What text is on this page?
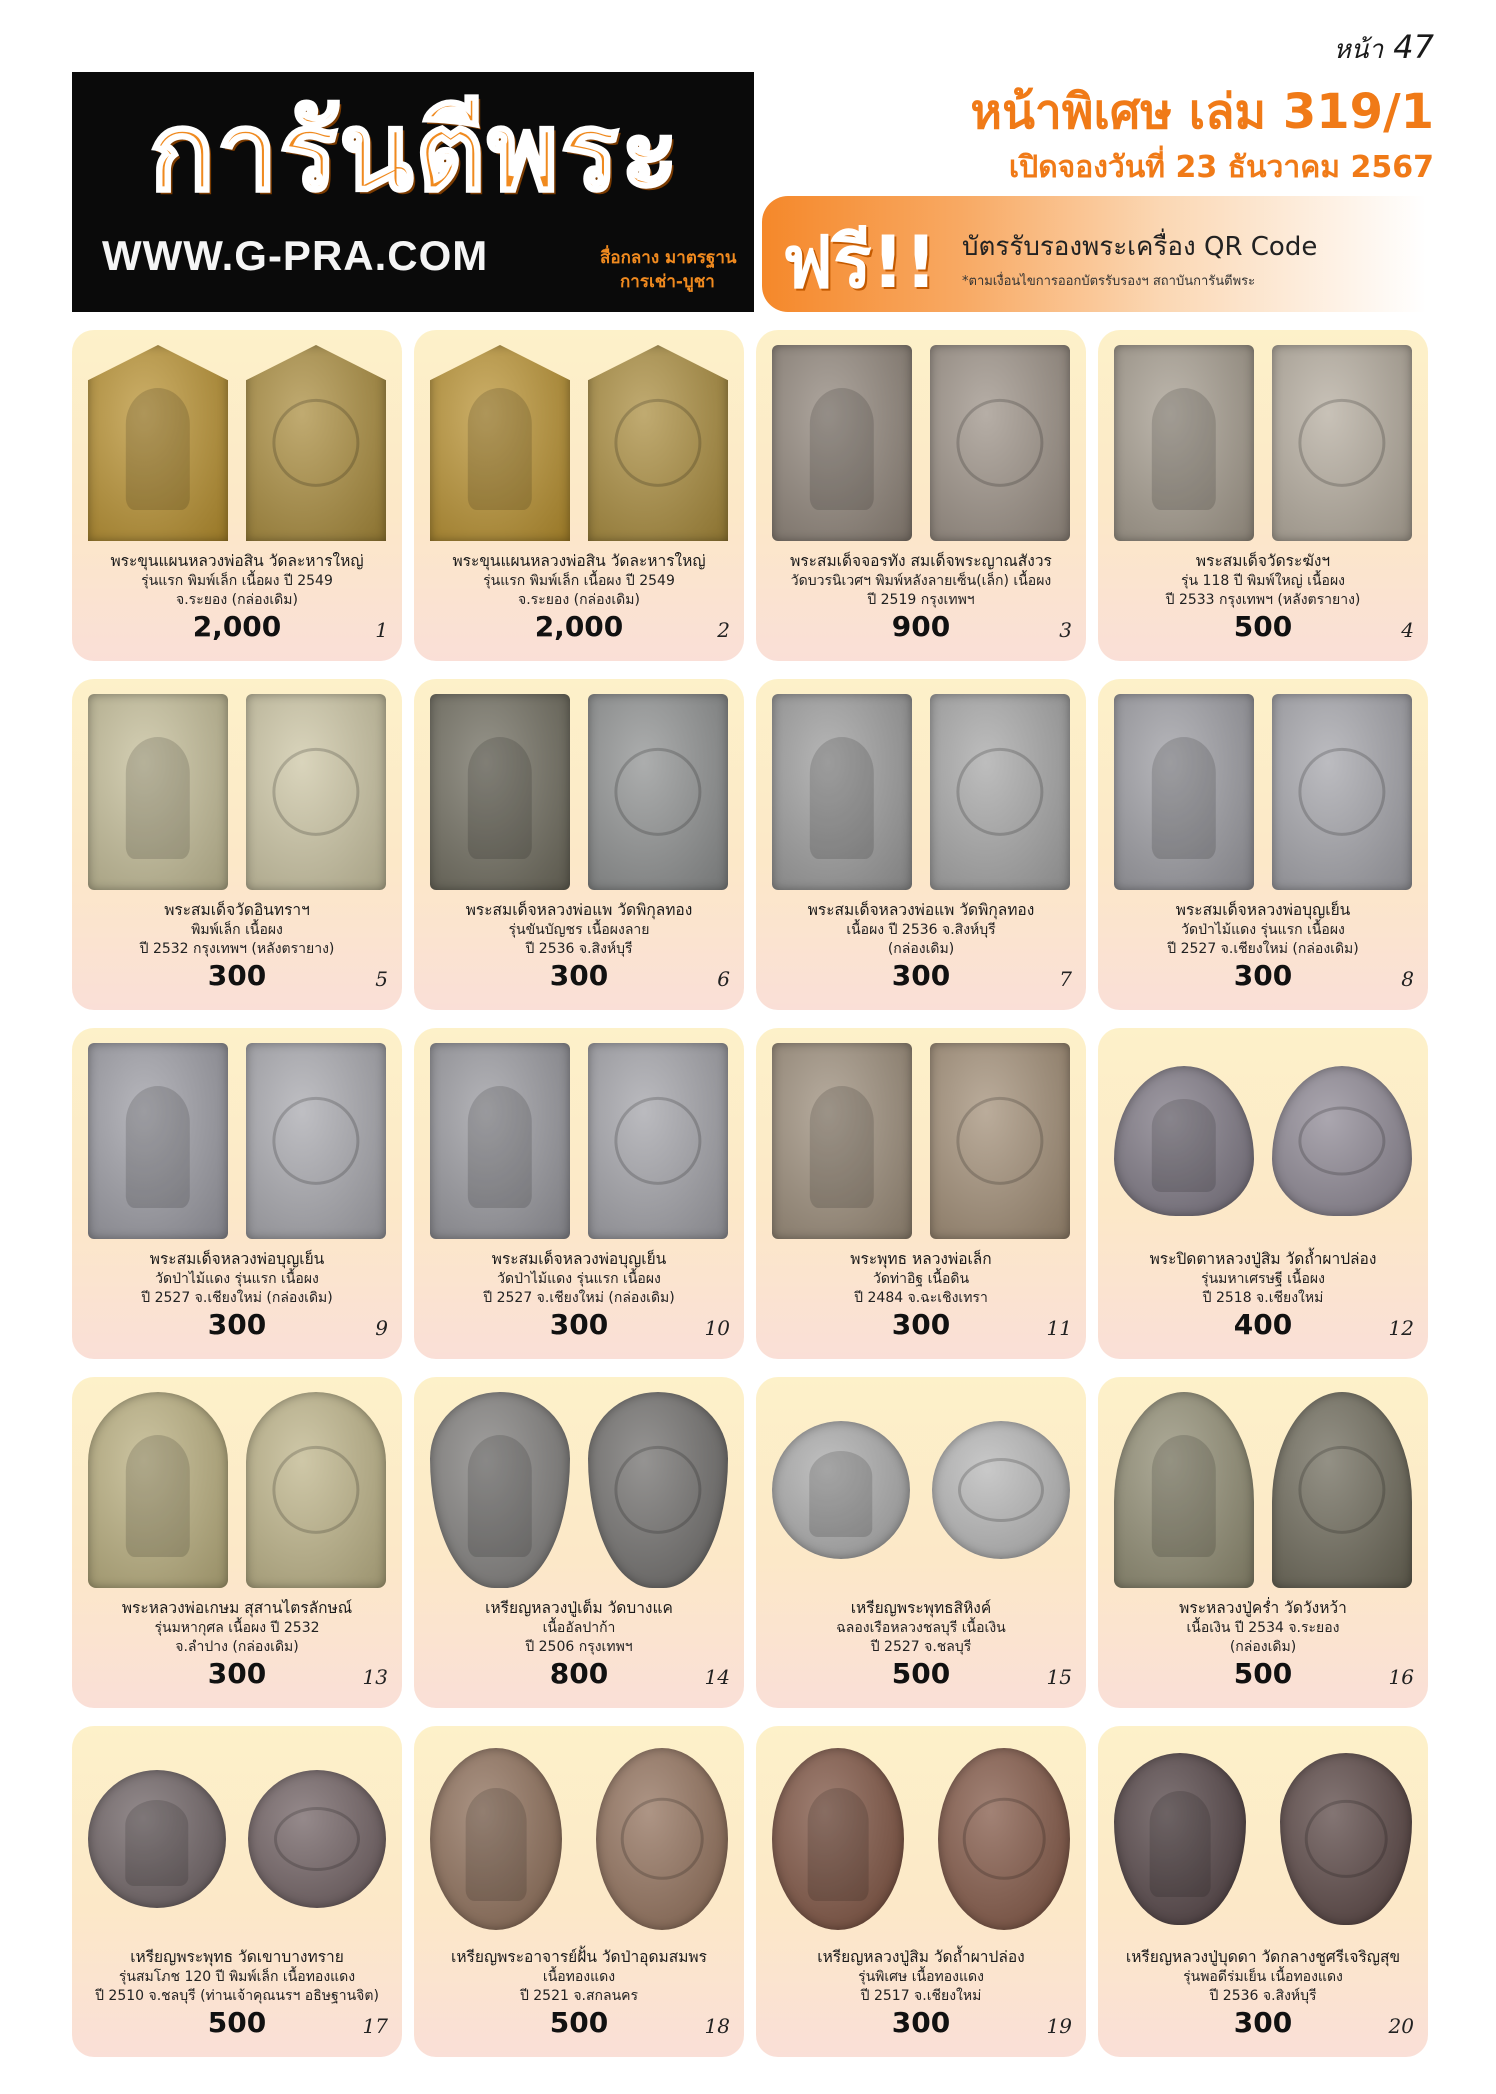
การันตีพระ
WWW.G-PRA.COM	สื่อกลาง มาตรฐาน
การเช่า-บูชา
หน้า 47
หน้าพิเศษ เล่ม 319/1
เปิดจองวันที่ 23 ธันวาคม 2567
ฟรี!! บัตรรับรองพระเครื่อง QR Code
*ตามเงื่อนไขการออกบัตรรับรองฯ สถาบันการันตีพระ
พระขุนแผนหลวงพ่อสิน วัดละหารใหญ่
รุ่นแรก พิมพ์เล็ก เนื้อผง ปี 2549
จ.ระยอง (กล่องเดิม)
2,000	1
พระขุนแผนหลวงพ่อสิน วัดละหารใหญ่
รุ่นแรก พิมพ์เล็ก เนื้อผง ปี 2549
จ.ระยอง (กล่องเดิม)
2,000	2
พระสมเด็จจอรทัง สมเด็จพระญาณสังวร
วัดบวรนิเวศฯ พิมพ์หลังลายเซ็น(เล็ก) เนื้อผง
ปี 2519 กรุงเทพฯ
900	3
พระสมเด็จวัดระฆังฯ
รุ่น 118 ปี พิมพ์ใหญ่ เนื้อผง
ปี 2533 กรุงเทพฯ (หลังตรายาง)
500	4
พระสมเด็จวัดอินทราฯ
พิมพ์เล็ก เนื้อผง
ปี 2532 กรุงเทพฯ (หลังตรายาง)
300	5
พระสมเด็จหลวงพ่อแพ วัดพิกุลทอง
รุ่นขันบัญชร เนื้อผงลาย
ปี 2536 จ.สิงห์บุรี
300	6
พระสมเด็จหลวงพ่อแพ วัดพิกุลทอง
เนื้อผง ปี 2536 จ.สิงห์บุรี
(กล่องเดิม)
300	7
พระสมเด็จหลวงพ่อบุญเย็น
วัดป่าไม้แดง รุ่นแรก เนื้อผง
ปี 2527 จ.เชียงใหม่ (กล่องเดิม)
300	8
พระสมเด็จหลวงพ่อบุญเย็น
วัดป่าไม้แดง รุ่นแรก เนื้อผง
ปี 2527 จ.เชียงใหม่ (กล่องเดิม)
300	9
พระสมเด็จหลวงพ่อบุญเย็น
วัดป่าไม้แดง รุ่นแรก เนื้อผง
ปี 2527 จ.เชียงใหม่ (กล่องเดิม)
300	10
พระพุทธ หลวงพ่อเล็ก
วัดท่าอิฐ เนื้อดิน
ปี 2484 จ.ฉะเชิงเทรา
300	11
พระปิดตาหลวงปู่สิม วัดถ้ำผาปล่อง
รุ่นมหาเศรษฐี เนื้อผง
ปี 2518 จ.เชียงใหม่
400	12
พระหลวงพ่อเกษม สุสานไตรลักษณ์
รุ่นมหากุศล เนื้อผง ปี 2532
จ.ลำปาง (กล่องเดิม)
300	13
เหรียญหลวงปู่เต็ม วัดบางแค
เนื้ออัลปาก้า
ปี 2506 กรุงเทพฯ
800	14
เหรียญพระพุทธสิหิงค์
ฉลองเรือหลวงชลบุรี เนื้อเงิน
ปี 2527 จ.ชลบุรี
500	15
พระหลวงปู่คร่ำ วัดวังหว้า
เนื้อเงิน ปี 2534 จ.ระยอง
(กล่องเดิม)
500	16
เหรียญพระพุทธ วัดเขาบางทราย
รุ่นสมโภช 120 ปี พิมพ์เล็ก เนื้อทองแดง
ปี 2510 จ.ชลบุรี (ท่านเจ้าคุณนรฯ อธิษฐานจิต)
500	17
เหรียญพระอาจารย์ฝั้น วัดป่าอุดมสมพร
เนื้อทองแดง
ปี 2521 จ.สกลนคร
500	18
เหรียญหลวงปู่สิม วัดถ้ำผาปล่อง
รุ่นพิเศษ เนื้อทองแดง
ปี 2517 จ.เชียงใหม่
300	19
เหรียญหลวงปู่บุดดา วัดกลางชูศรีเจริญสุข
รุ่นพอดีร่มเย็น เนื้อทองแดง
ปี 2536 จ.สิงห์บุรี
300	20
